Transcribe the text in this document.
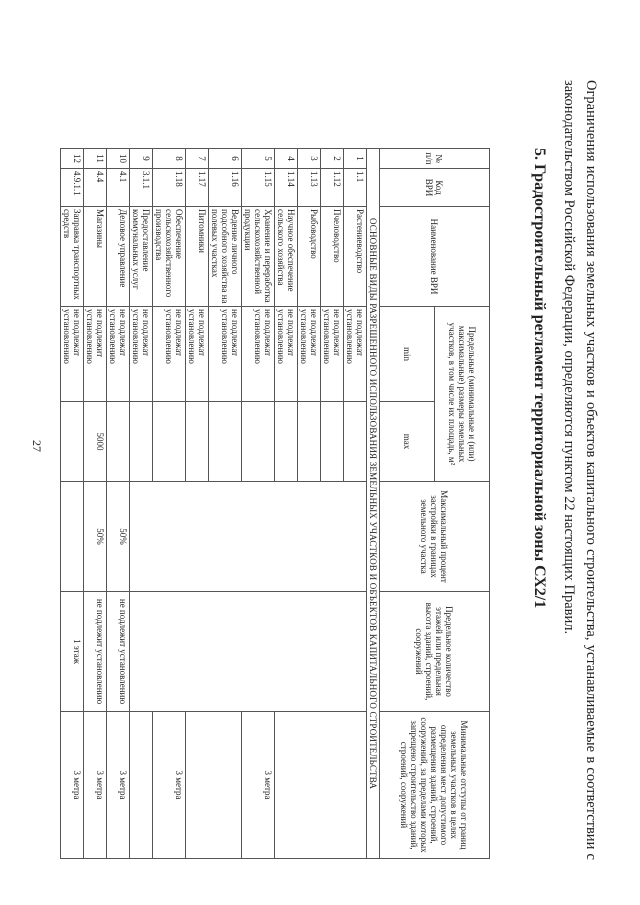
27	Ограничения использования земельных участков и объектов капитального строительства, устанавливаемые в соответствии с законодательством Российской Федерации, определяются пунктом 22 настоящих Правил.
5. Градостроительный регламент территориальной зоны СХ2/1
№ п/п	Код ВРИ	Наименование ВРИ	Предельные (минимальные и (или) максимальные) размеры земельных участков, в том числе их площадь, м²		Максимальный процент застройки в границах земельного участка	Предельное количество этажей или предельная высота зданий, строений, сооружений	Минимальные отступы от границ земельных участков в целях определения мест допустимого размещения зданий, строений, сооружений, за пределами которых запрещено строительство зданий, строений, сооружений
			min	max			
ОСНОВНЫЕ ВИДЫ РАЗРЕШЕННОГО ИСПОЛЬЗОВАНИЯ ЗЕМЕЛЬНЫХ УЧАСТКОВ И ОБЪЕКТОВ КАПИТАЛЬНОГО СТРОИТЕЛЬСТВА							
1	1.1	Растениеводство	не подлежат установлению				
2	1.12	Пчеловодство	не подлежат установлению				
3	1.13	Рыбоводство	не подлежат установлению				
4	1.14	Научное обеспечение сельского хозяйства	не подлежат установлению				
5	1.15	Хранение и переработка сельскохозяйственной продукции	не подлежат установлению				3 метра
6	1.16	Ведение личного подсобного хозяйства на полевых участках	не подлежат установлению				
7	1.17	Питомники	не подлежат установлению				
8	1.18	Обеспечение сельскохозяйственного производства	не подлежат установлению				3 метра
9	3.1.1	Предоставление коммунальных услуг	не подлежат установлению				
10	4.1	Деловое управление	не подлежат установлению		50%	не подлежит установлению	3 метра
11	4.4	Магазины	не подлежит установлению	5000	50%	не подлежит установлению	3 метра
12	4.9.1.1	Заправка транспортных средств	не подлежат установлению			1 этаж	3 метра
